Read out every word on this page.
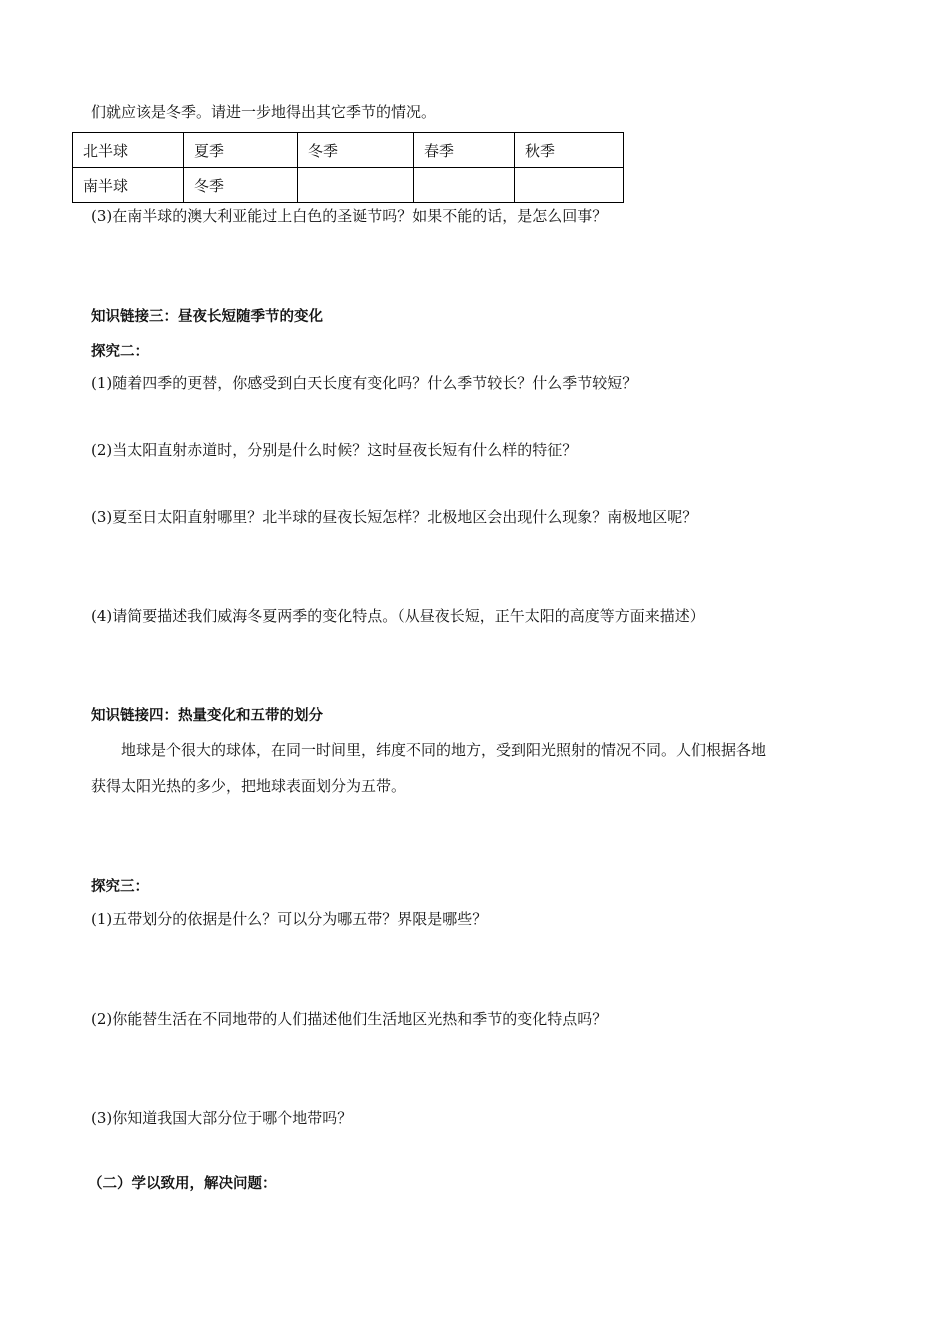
们就应该是冬季。请进一步地得出其它季节的情况。
北半球	夏季	冬季	春季	秋季
南半球	冬季			
(3)在南半球的澳大利亚能过上白色的圣诞节吗？如果不能的话，是怎么回事？
知识链接三：昼夜长短随季节的变化
探究二：
(1)随着四季的更替，你感受到白天长度有变化吗？什么季节较长？什么季节较短？
(2)当太阳直射赤道时，分别是什么时候？这时昼夜长短有什么样的特征？
(3)夏至日太阳直射哪里？北半球的昼夜长短怎样？北极地区会出现什么现象？南极地区呢？
(4)请简要描述我们威海冬夏两季的变化特点。（从昼夜长短，正午太阳的高度等方面来描述）
知识链接四：热量变化和五带的划分
地球是个很大的球体，在同一时间里，纬度不同的地方，受到阳光照射的情况不同。人们根据各地
获得太阳光热的多少，把地球表面划分为五带。
探究三：
(1)五带划分的依据是什么？可以分为哪五带？界限是哪些？
(2)你能替生活在不同地带的人们描述他们生活地区光热和季节的变化特点吗？
(3)你知道我国大部分位于哪个地带吗？
（二）学以致用，解决问题：
